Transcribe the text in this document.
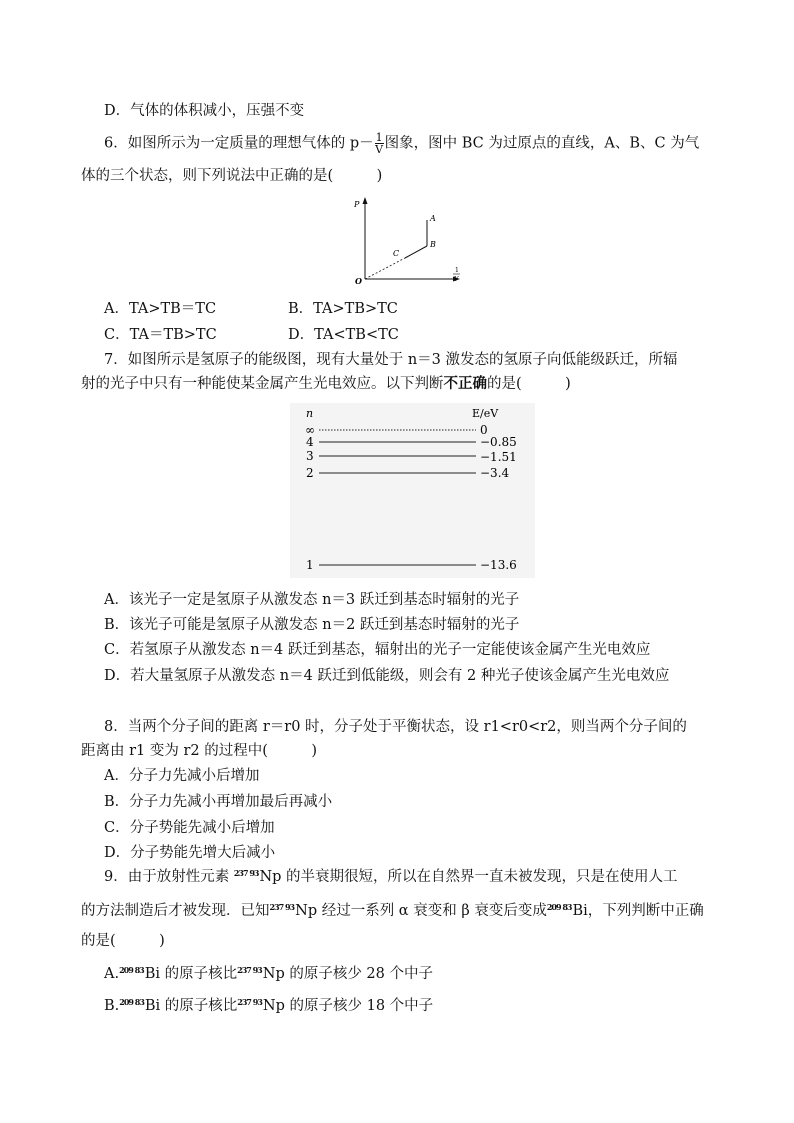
D．气体的体积减小，压强不变
6．如图所示为一定质量的理想气体的 $p- \frac{1}{V}$ 图象，图中 BC 为过原点的直线，A、B、C 为气
体的三个状态，则下列说法中正确的是(　　　)
P
O
1
V
A
B
C
A．TA>TB＝TC	B．TA>TB>TC
C．TA＝TB>TC	D．TA<TB<TC
7．如图所示是氢原子的能级图，现有大量处于 n＝3 激发态的氢原子向低能级跃迁，所辐
射的光子中只有一种能使某金属产生光电效应。以下判断不正确的是(　　　)
n	E/eV
∞	0
4	−0.85
3	−1.51
2	−3.4
1	−13.6
A．该光子一定是氢原子从激发态 n＝3 跃迁到基态时辐射的光子
B．该光子可能是氢原子从激发态 n＝2 跃迁到基态时辐射的光子
C．若氢原子从激发态 n＝4 跃迁到基态，辐射出的光子一定能使该金属产生光电效应
D．若大量氢原子从激发态 n＝4 跃迁到低能级，则会有 2 种光子使该金属产生光电效应
8．当两个分子间的距离 r＝r0 时，分子处于平衡状态，设 r1<r0<r2，则当两个分子间的
距离由 r1 变为 r2 的过程中(　　　)
A．分子力先减小后增加
B．分子力先减小再增加最后再减小
C．分子势能先减小后增加
D．分子势能先增大后减小
9．由于放射性元素 237 93Np 的半衰期很短，所以在自然界一直未被发现，只是在使用人工
的方法制造后才被发现．已知237 93Np 经过一系列 α 衰变和 β 衰变后变成209 83Bi，下列判断中正确
的是(　　　)
A.209 83Bi 的原子核比237 93Np 的原子核少 28 个中子
B.209 83Bi 的原子核比237 93Np 的原子核少 18 个中子
